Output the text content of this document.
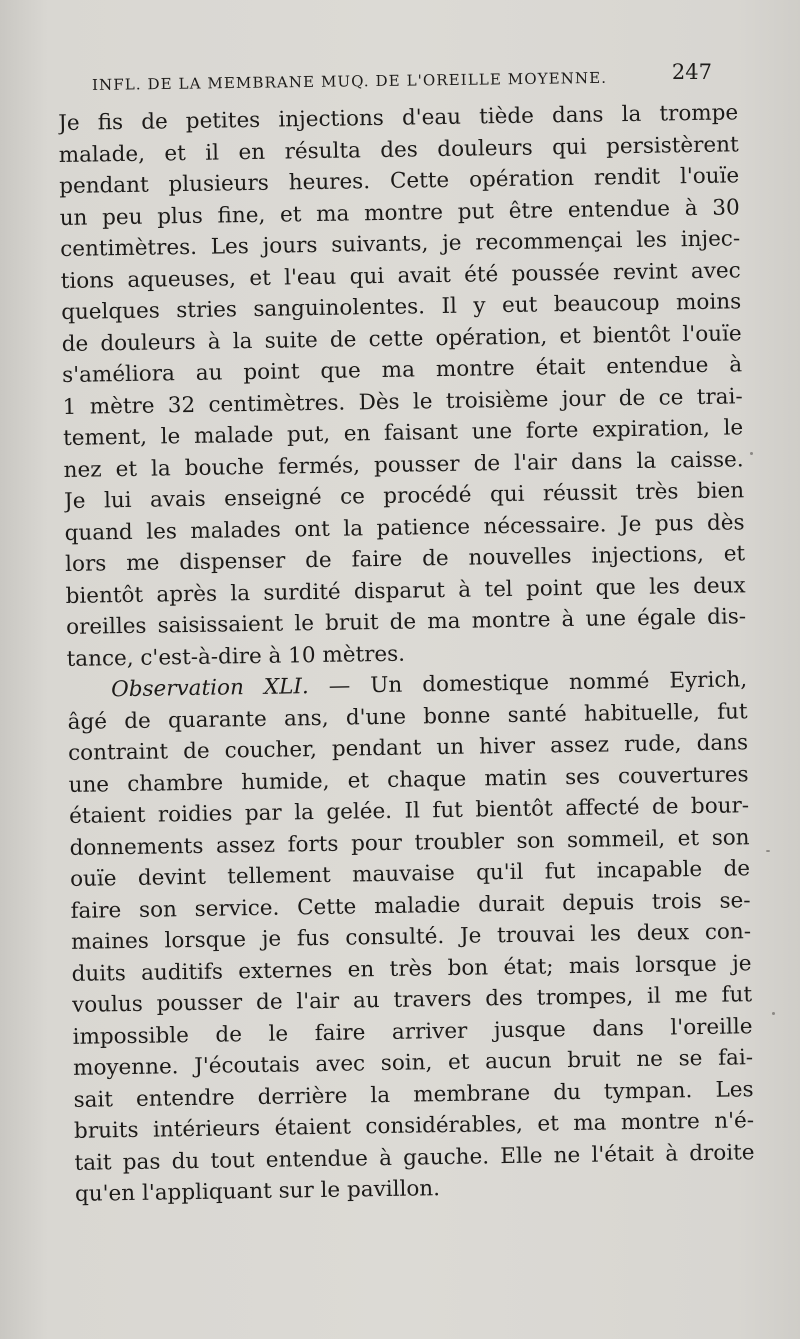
INFL. DE LA MEMBRANE MUQ. DE L'OREILLE MOYENNE.	247
Je fis de petites injections d'eau tiède dans la trompe
malade, et il en résulta des douleurs qui persistèrent
pendant plusieurs heures. Cette opération rendit l'ouïe
un peu plus fine, et ma montre put être entendue à 30
centimètres. Les jours suivants, je recommençai les injec-
tions aqueuses, et l'eau qui avait été poussée revint avec
quelques stries sanguinolentes. Il y eut beaucoup moins
de douleurs à la suite de cette opération, et bientôt l'ouïe
s'améliora au point que ma montre était entendue à
1 mètre 32 centimètres. Dès le troisième jour de ce trai-
tement, le malade put, en faisant une forte expiration, le
nez et la bouche fermés, pousser de l'air dans la caisse.
Je lui avais enseigné ce procédé qui réussit très bien
quand les malades ont la patience nécessaire. Je pus dès
lors me dispenser de faire de nouvelles injections, et
bientôt après la surdité disparut à tel point que les deux
oreilles saisissaient le bruit de ma montre à une égale dis-
tance, c'est-à-dire à 10 mètres.
Observation XLI. — Un domestique nommé Eyrich,
âgé de quarante ans, d'une bonne santé habituelle, fut
contraint de coucher, pendant un hiver assez rude, dans
une chambre humide, et chaque matin ses couvertures
étaient roidies par la gelée. Il fut bientôt affecté de bour-
donnements assez forts pour troubler son sommeil, et son
ouïe devint tellement mauvaise qu'il fut incapable de
faire son service. Cette maladie durait depuis trois se-
maines lorsque je fus consulté. Je trouvai les deux con-
duits auditifs externes en très bon état; mais lorsque je
voulus pousser de l'air au travers des trompes, il me fut
impossible de le faire arriver jusque dans l'oreille
moyenne. J'écoutais avec soin, et aucun bruit ne se fai-
sait entendre derrière la membrane du tympan. Les
bruits intérieurs étaient considérables, et ma montre n'é-
tait pas du tout entendue à gauche. Elle ne l'était à droite
qu'en l'appliquant sur le pavillon.
